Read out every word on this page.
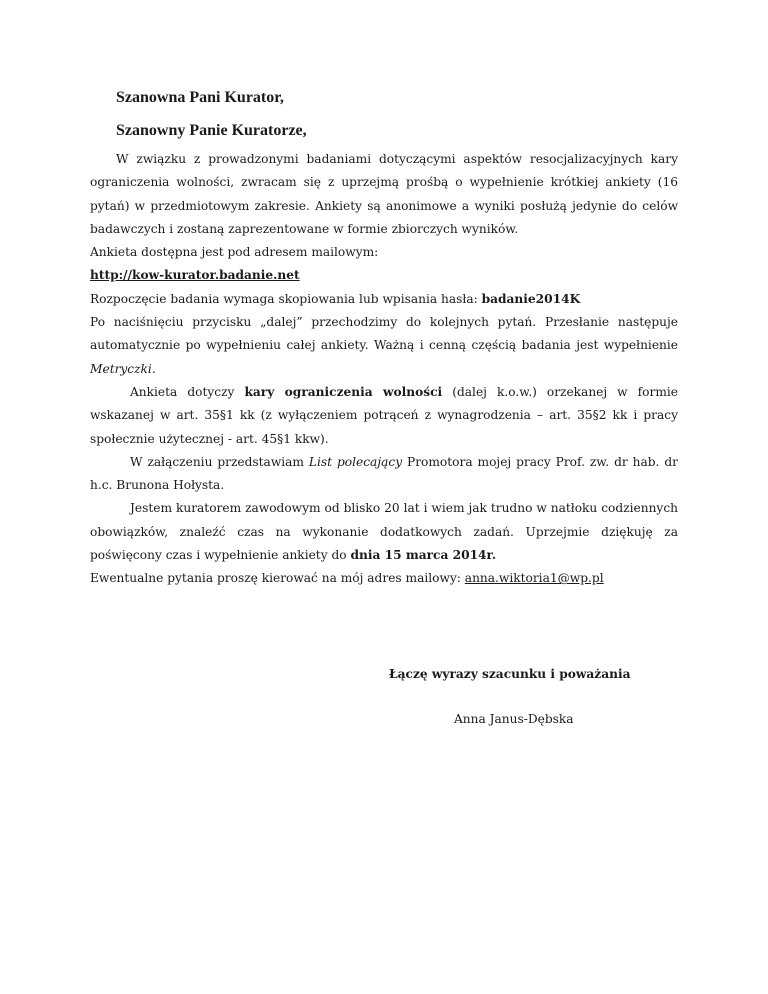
Szanowna Pani Kurator,
Szanowny Panie Kuratorze,

W związku z prowadzonymi badaniami dotyczącymi aspektów resocjalizacyjnych kary ograniczenia wolności, zwracam się z uprzejmą prośbą o wypełnienie krótkiej ankiety (16 pytań) w przedmiotowym zakresie. Ankiety są anonimowe a wyniki posłużą jedynie do celów badawczych i zostaną zaprezentowane w formie zbiorczych wyników.

Ankieta dostępna jest pod adresem mailowym:

http://kow-kurator.badanie.net

Rozpoczęcie badania wymaga skopiowania lub wpisania hasła: badanie2014K

Po naciśnięciu przycisku „dalej” przechodzimy do kolejnych pytań. Przesłanie następuje automatycznie po wypełnieniu całej ankiety. Ważną i cenną częścią badania jest wypełnienie Metryczki.

Ankieta dotyczy kary ograniczenia wolności (dalej k.o.w.) orzekanej w formie wskazanej w art. 35§1 kk (z wyłączeniem potrąceń z wynagrodzenia – art. 35§2 kk i pracy społecznie użytecznej - art. 45§1 kkw).

W załączeniu przedstawiam List polecający Promotora mojej pracy Prof. zw. dr hab. dr h.c. Brunona Hołysta.

Jestem kuratorem zawodowym od blisko 20 lat i wiem jak trudno w natłoku codziennych obowiązków, znaleźć czas na wykonanie dodatkowych zadań. Uprzejmie dziękuję za poświęcony czas i wypełnienie ankiety do dnia 15 marca 2014r.

Ewentualne pytania proszę kierować na mój adres mailowy: anna.wiktoria1@wp.pl

Łączę wyrazy szacunku i poważania
Anna Janus-Dębska
